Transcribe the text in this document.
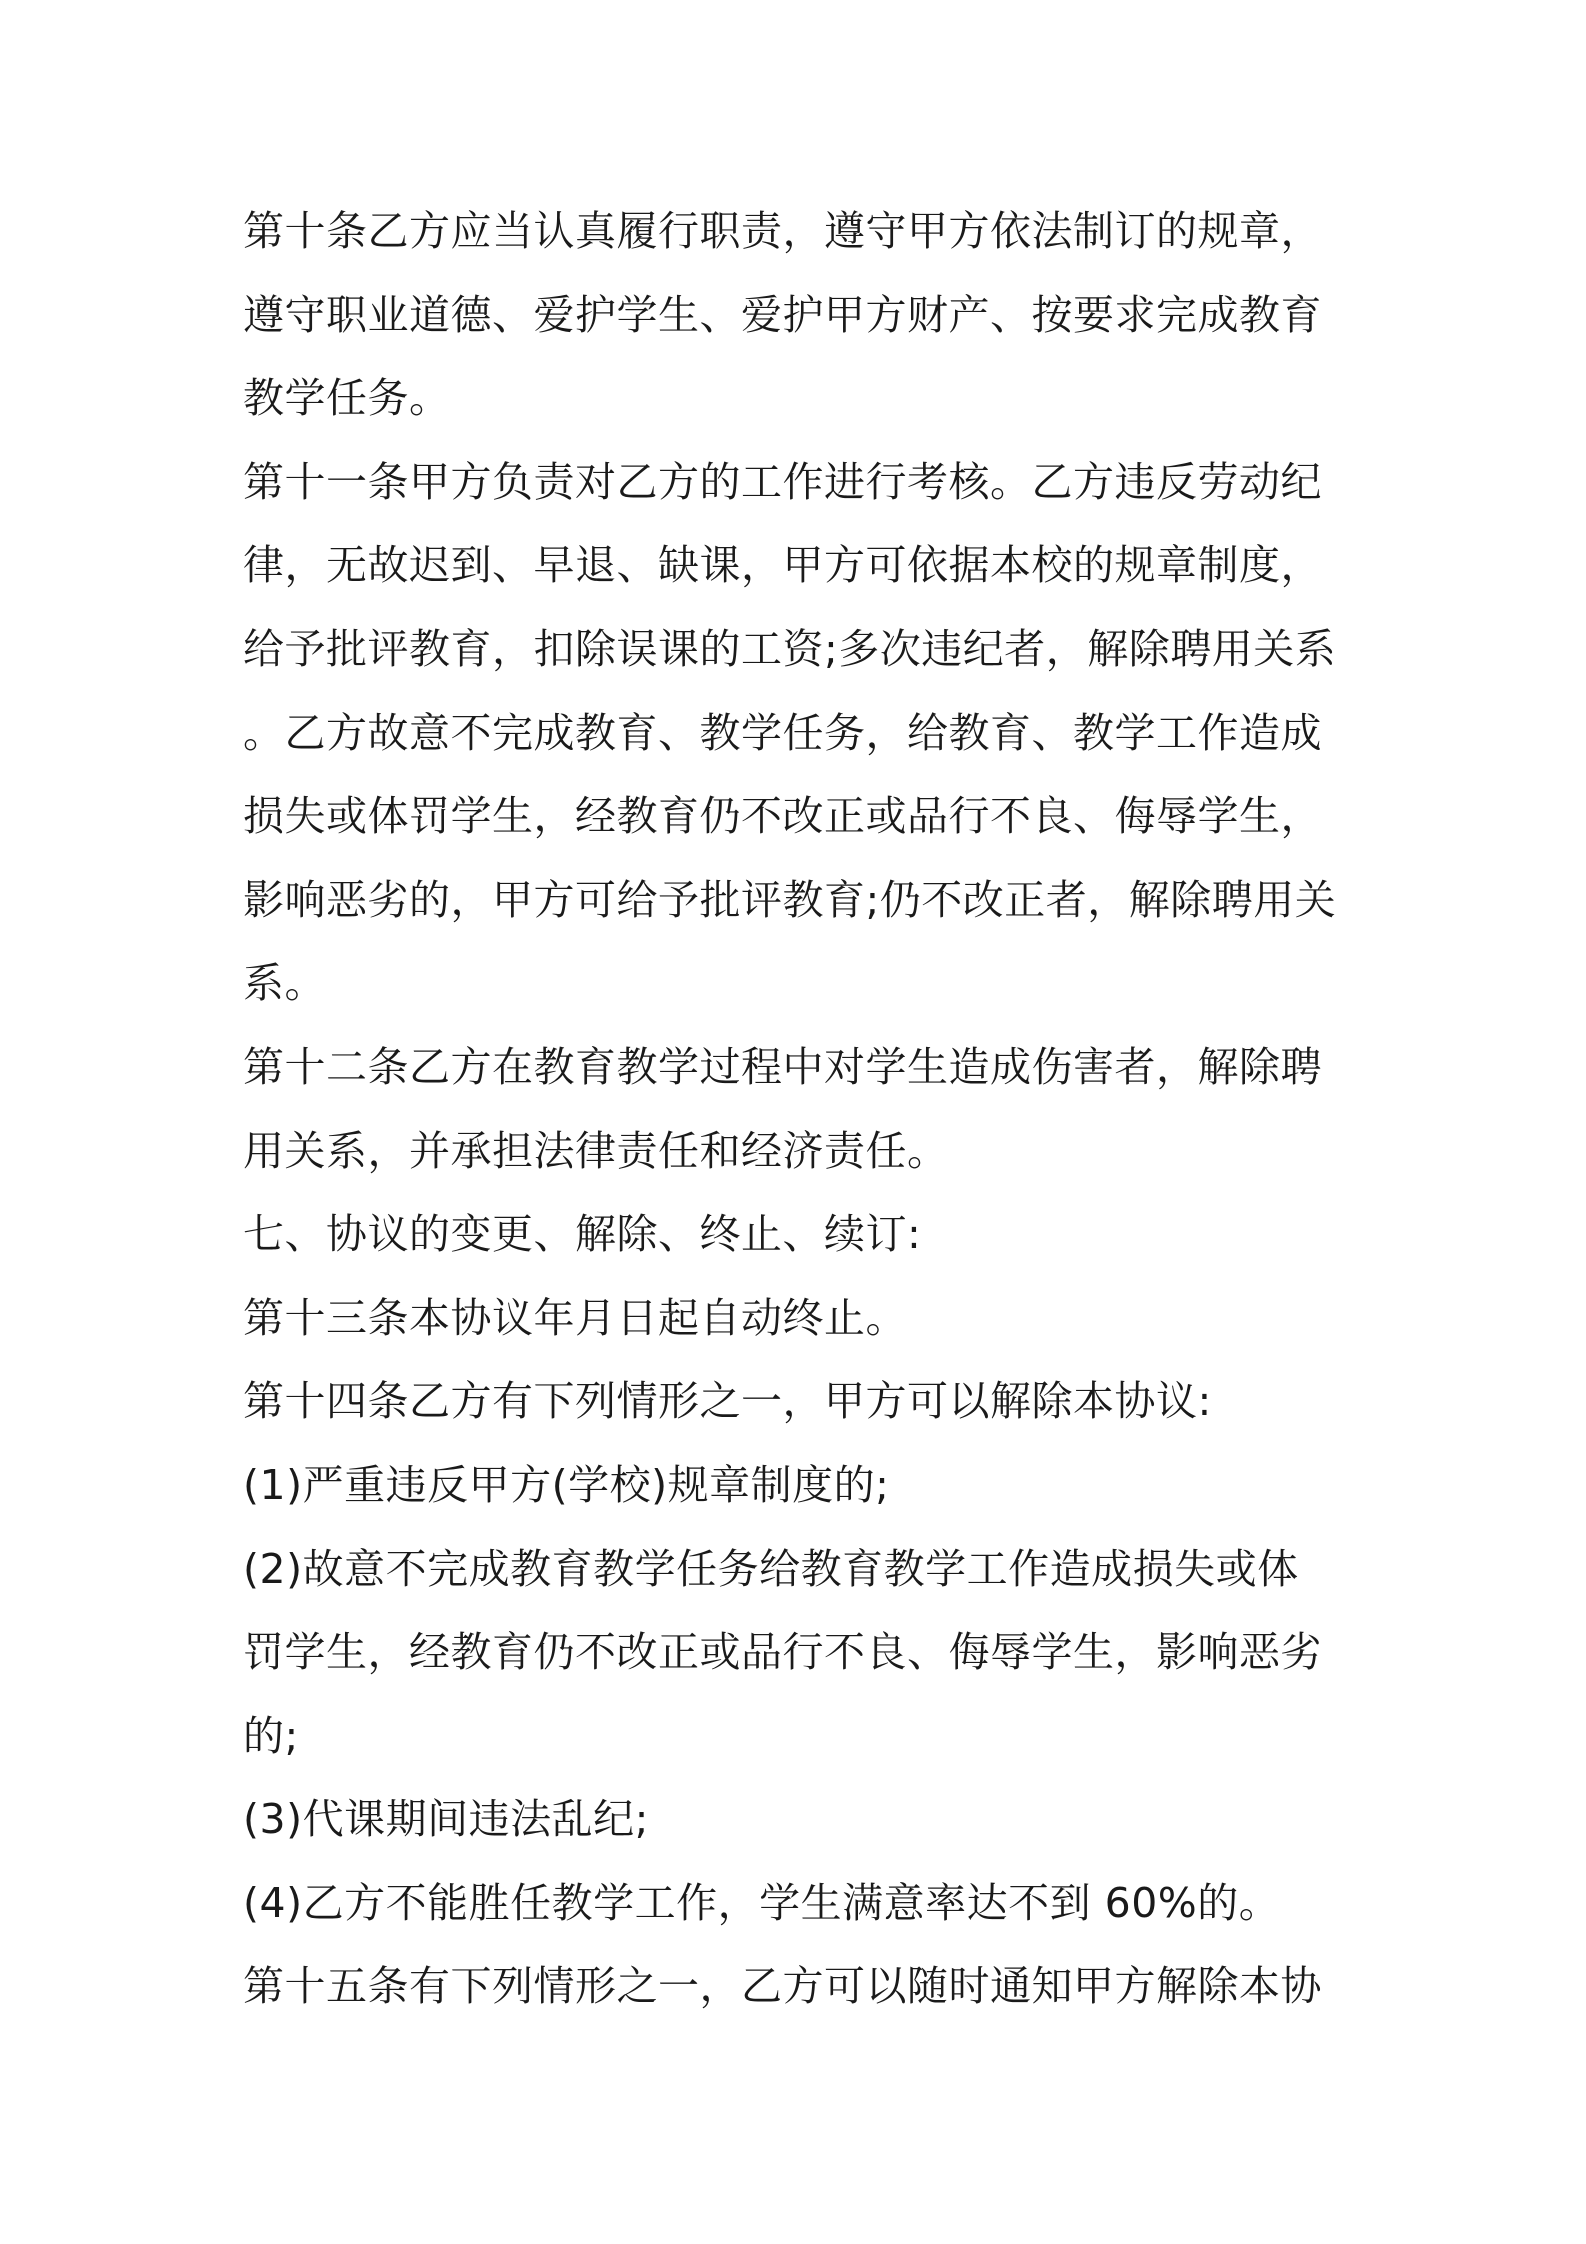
第十条乙方应当认真履行职责，遵守甲方依法制订的规章，
遵守职业道德、爱护学生、爱护甲方财产、按要求完成教育
教学任务。
第十一条甲方负责对乙方的工作进行考核。乙方违反劳动纪
律，无故迟到、早退、缺课，甲方可依据本校的规章制度，
给予批评教育，扣除误课的工资;多次违纪者，解除聘用关系
。乙方故意不完成教育、教学任务，给教育、教学工作造成
损失或体罚学生，经教育仍不改正或品行不良、侮辱学生，
影响恶劣的，甲方可给予批评教育;仍不改正者，解除聘用关
系。
第十二条乙方在教育教学过程中对学生造成伤害者，解除聘
用关系，并承担法律责任和经济责任。
七、协议的变更、解除、终止、续订:
第十三条本协议年月日起自动终止。
第十四条乙方有下列情形之一，甲方可以解除本协议:
(1)严重违反甲方(学校)规章制度的;
(2)故意不完成教育教学任务给教育教学工作造成损失或体
罚学生，经教育仍不改正或品行不良、侮辱学生，影响恶劣
的;
(3)代课期间违法乱纪;
(4)乙方不能胜任教学工作，学生满意率达不到 60%的。
第十五条有下列情形之一，乙方可以随时通知甲方解除本协
